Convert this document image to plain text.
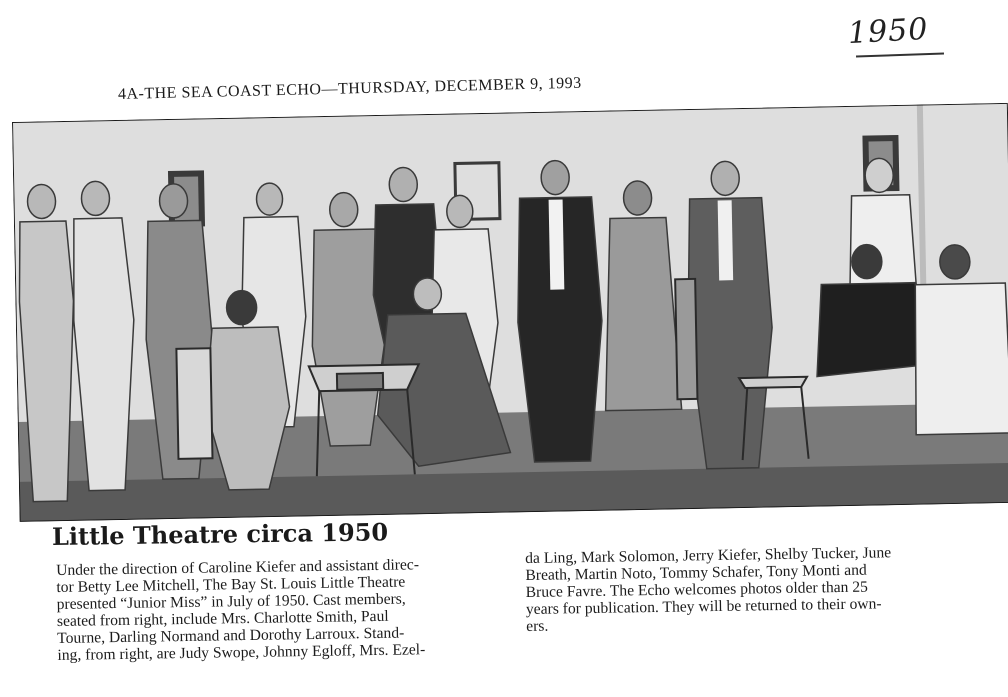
1950
4A-THE SEA COAST ECHO—THURSDAY, DECEMBER 9, 1993
Little Theatre circa 1950
Under the direction of Caroline Kiefer and assistant direc-
tor Betty Lee Mitchell, The Bay St. Louis Little Theatre
presented “Junior Miss” in July of 1950. Cast members,
seated from right, include Mrs. Charlotte Smith, Paul
Tourne, Darling Normand and Dorothy Larroux. Stand-
ing, from right, are Judy Swope, Johnny Egloff, Mrs. Ezel-
da Ling, Mark Solomon, Jerry Kiefer, Shelby Tucker, June
Breath, Martin Noto, Tommy Schafer, Tony Monti and
Bruce Favre. The Echo welcomes photos older than 25
years for publication. They will be returned to their own-
ers.
